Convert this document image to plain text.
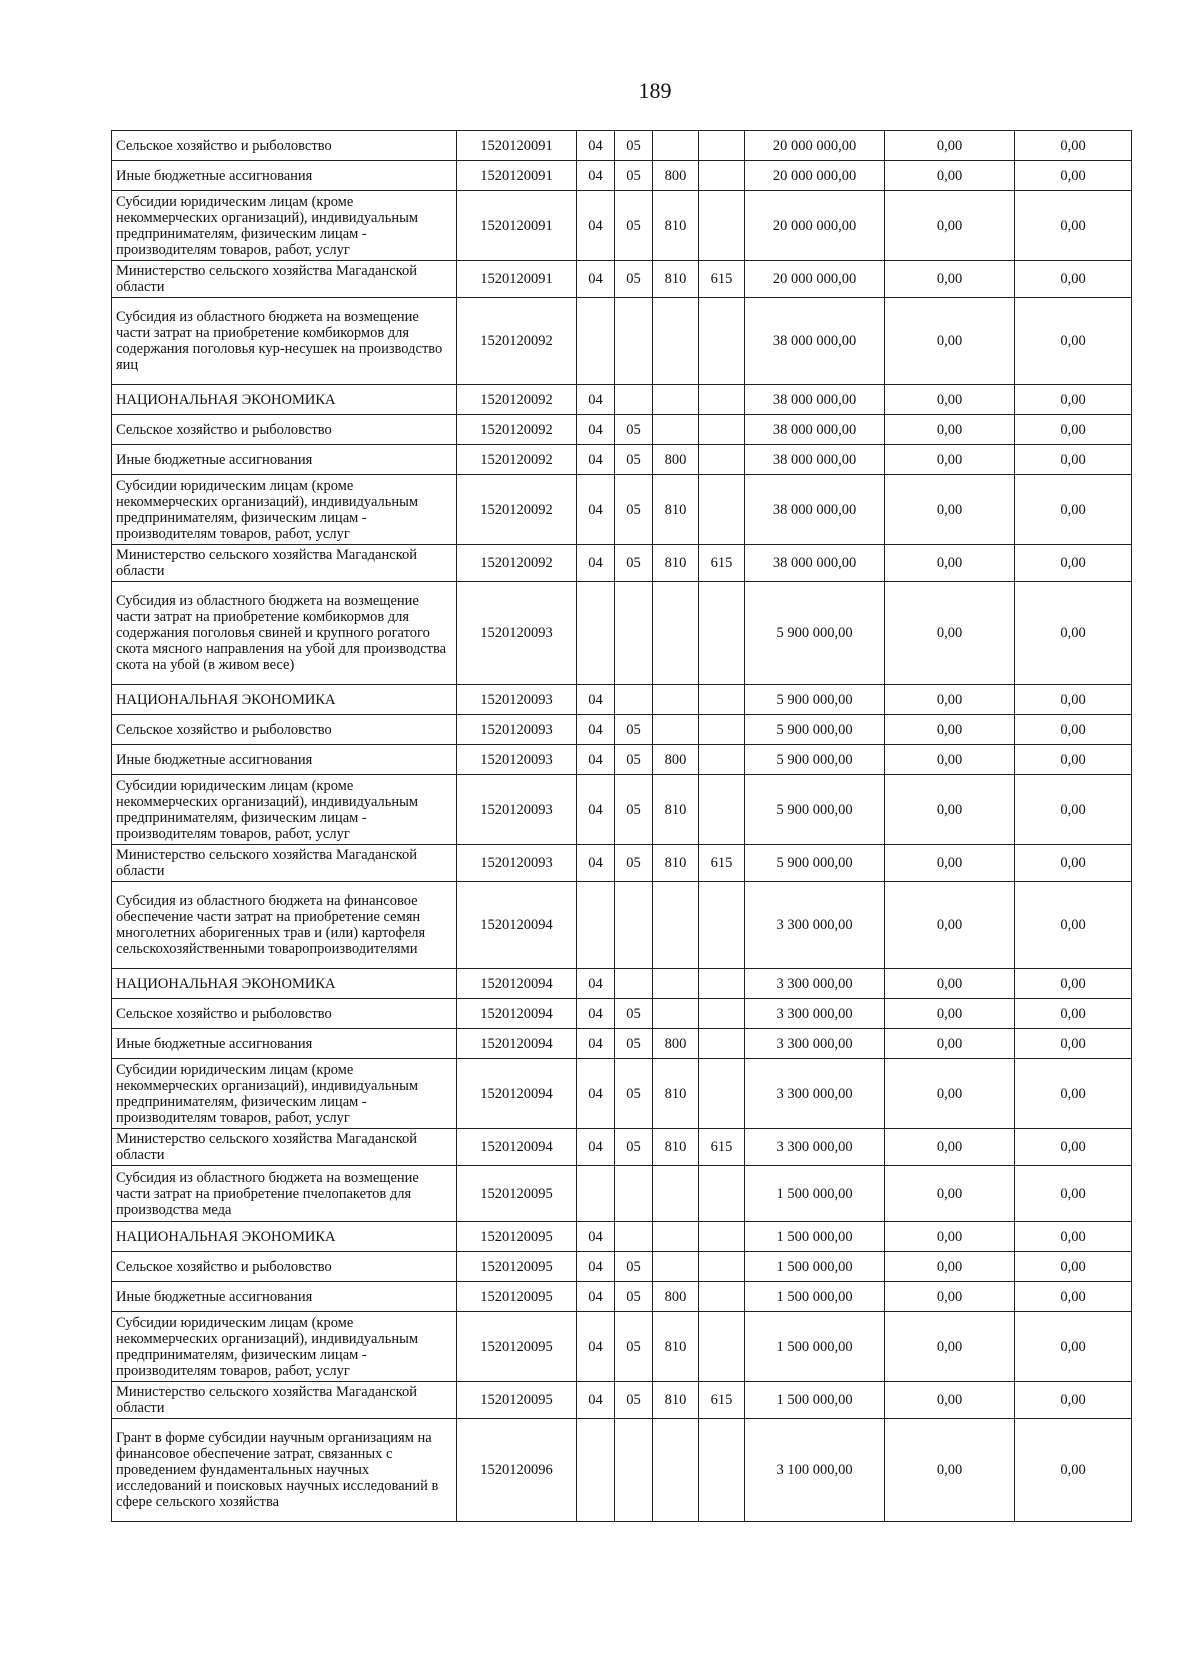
189
Сельское хозяйство и рыболовство	1520120091	04	05			20 000 000,00	0,00	0,00
Иные бюджетные ассигнования	1520120091	04	05	800		20 000 000,00	0,00	0,00
Субсидии юридическим лицам (кроме некоммерческих организаций), индивидуальным предпринимателям, физическим лицам - производителям товаров, работ, услуг	1520120091	04	05	810		20 000 000,00	0,00	0,00
Министерство сельского хозяйства Магаданской области	1520120091	04	05	810	615	20 000 000,00	0,00	0,00
Субсидия из областного бюджета на возмещение части затрат на приобретение комбикормов для содержания поголовья кур-несушек на производство яиц	1520120092					38 000 000,00	0,00	0,00
НАЦИОНАЛЬНАЯ ЭКОНОМИКА	1520120092	04				38 000 000,00	0,00	0,00
Сельское хозяйство и рыболовство	1520120092	04	05			38 000 000,00	0,00	0,00
Иные бюджетные ассигнования	1520120092	04	05	800		38 000 000,00	0,00	0,00
Субсидии юридическим лицам (кроме некоммерческих организаций), индивидуальным предпринимателям, физическим лицам - производителям товаров, работ, услуг	1520120092	04	05	810		38 000 000,00	0,00	0,00
Министерство сельского хозяйства Магаданской области	1520120092	04	05	810	615	38 000 000,00	0,00	0,00
Субсидия из областного бюджета на возмещение части затрат на приобретение комбикормов для содержания поголовья свиней и крупного рогатого скота мясного направления на убой для производства скота на убой (в живом весе)	1520120093					5 900 000,00	0,00	0,00
НАЦИОНАЛЬНАЯ ЭКОНОМИКА	1520120093	04				5 900 000,00	0,00	0,00
Сельское хозяйство и рыболовство	1520120093	04	05			5 900 000,00	0,00	0,00
Иные бюджетные ассигнования	1520120093	04	05	800		5 900 000,00	0,00	0,00
Субсидии юридическим лицам (кроме некоммерческих организаций), индивидуальным предпринимателям, физическим лицам - производителям товаров, работ, услуг	1520120093	04	05	810		5 900 000,00	0,00	0,00
Министерство сельского хозяйства Магаданской области	1520120093	04	05	810	615	5 900 000,00	0,00	0,00
Субсидия из областного бюджета на финансовое обеспечение части затрат на приобретение семян многолетних аборигенных трав и (или) картофеля сельскохозяйственными товаропроизводителями	1520120094					3 300 000,00	0,00	0,00
НАЦИОНАЛЬНАЯ ЭКОНОМИКА	1520120094	04				3 300 000,00	0,00	0,00
Сельское хозяйство и рыболовство	1520120094	04	05			3 300 000,00	0,00	0,00
Иные бюджетные ассигнования	1520120094	04	05	800		3 300 000,00	0,00	0,00
Субсидии юридическим лицам (кроме некоммерческих организаций), индивидуальным предпринимателям, физическим лицам - производителям товаров, работ, услуг	1520120094	04	05	810		3 300 000,00	0,00	0,00
Министерство сельского хозяйства Магаданской области	1520120094	04	05	810	615	3 300 000,00	0,00	0,00
Субсидия из областного бюджета на возмещение части затрат на приобретение пчелопакетов для производства меда	1520120095					1 500 000,00	0,00	0,00
НАЦИОНАЛЬНАЯ ЭКОНОМИКА	1520120095	04				1 500 000,00	0,00	0,00
Сельское хозяйство и рыболовство	1520120095	04	05			1 500 000,00	0,00	0,00
Иные бюджетные ассигнования	1520120095	04	05	800		1 500 000,00	0,00	0,00
Субсидии юридическим лицам (кроме некоммерческих организаций), индивидуальным предпринимателям, физическим лицам - производителям товаров, работ, услуг	1520120095	04	05	810		1 500 000,00	0,00	0,00
Министерство сельского хозяйства Магаданской области	1520120095	04	05	810	615	1 500 000,00	0,00	0,00
Грант в форме субсидии научным организациям на финансовое обеспечение затрат, связанных с проведением фундаментальных научных исследований и поисковых научных исследований в сфере сельского хозяйства	1520120096					3 100 000,00	0,00	0,00
